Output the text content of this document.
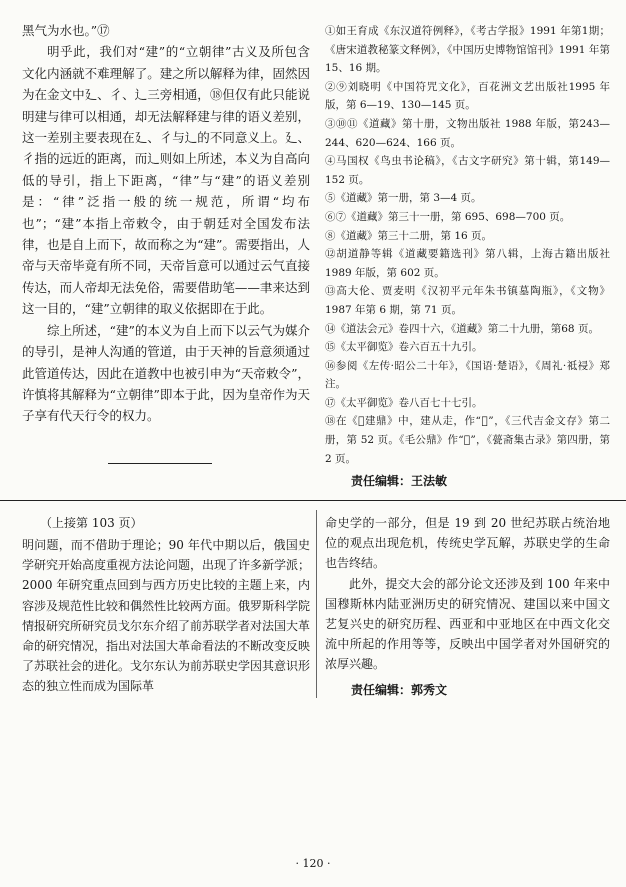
黑气为水也。”⑰

明乎此，我们对“建”的“立朝律”古义及所包含文化内涵就不难理解了。建之所以解释为律，固然因为在金文中廴、彳、辶三旁相通，⑱但仅有此只能说明建与律可以相通，却无法解释建与律的语义差别，这一差别主要表现在廴、彳与辶的不同意义上。廴、彳指的远近的距离，而辶则如上所述，本义为自高向低的导引，指上下距离，“律”与“建”的语义差别是：“律”泛指一般的统一规范，所谓“均布也”；“建”本指上帝敕令，由于朝廷对全国发布法律，也是自上而下，故而称之为“建”。需要指出，人帝与天帝毕竟有所不同，天帝旨意可以通过云气直接传达，而人帝却无法免俗，需要借助笔——聿来达到这一目的，“建”立朝律的取义依据即在于此。

综上所述，“建”的本义为自上而下以云气为媒介的导引，是神人沟通的管道，由于天神的旨意须通过此管道传达，因此在道教中也被引申为“天帝敕令”，许慎将其解释为“立朝律”即本于此，因为皇帝作为天子享有代天行令的权力。

①如王育成《东汉道符例释》，《考古学报》1991 年第1期；《唐宋道教秘篆文释例》，《中国历史博物馆馆刊》1991 年第 15、16 期。

②⑨刘晓明《中国符咒文化》，百花洲文艺出版社1995 年版，第 6—19、130—145 页。

③⑩⑪《道藏》第十册，文物出版社 1988 年版，第243—244、620—624、166 页。

④马国权《鸟虫书论稿》，《古文字研究》第十辑，第149—152 页。

⑤《道藏》第一册，第 3—4 页。

⑥⑦《道藏》第三十一册，第 695、698—700 页。

⑧《道藏》第三十二册，第 16 页。

⑫胡道静等辑《道藏要籍选刊》第八辑，上海古籍出版社 1989 年版，第 602 页。

⑬高大伦、贾麦明《汉初平元年朱书镇墓陶瓶》，《文物》1987 年第 6 期，第 71 页。

⑭《道法会元》卷四十六，《道藏》第二十九册，第68 页。

⑮《太平御览》卷六百五十九引。

⑯参阅《左传·昭公二十年》，《国语·楚语》，《周礼·祗祲》郑注。

⑰《太平御览》卷八百七十七引。

⑱在《𢍓建鼎》中，建从走，作“𨑚”，《三代吉金文存》第二册，第 52 页。《毛公鼎》作“𢌱”，《甍斋集古录》第四册，第 2 页。

责任编辑：王法敏

（上接第 103 页）

明问题，而不借助于理论；90 年代中期以后，俄国史学研究开始高度重视方法论问题，出现了许多新学派；2000 年研究重点回到与西方历史比较的主题上来，内容涉及规范性比较和偶然性比较两方面。俄罗斯科学院情报研究所研究员戈尔东介绍了前苏联学者对法国大革命的研究情况，指出对法国大革命看法的不断改变反映了苏联社会的进化。戈尔东认为前苏联史学因其意识形态的独立性而成为国际革

命史学的一部分，但是 19 到 20 世纪苏联占统治地位的观点出现危机，传统史学瓦解，苏联史学的生命也告终结。

此外，提交大会的部分论文还涉及到 100 年来中国穆斯林内陆亚洲历史的研究情况、建国以来中国文艺复兴史的研究历程、西亚和中亚地区在中西文化交流中所起的作用等等，反映出中国学者对外国研究的浓厚兴趣。

责任编辑：郭秀文

· 120 ·
